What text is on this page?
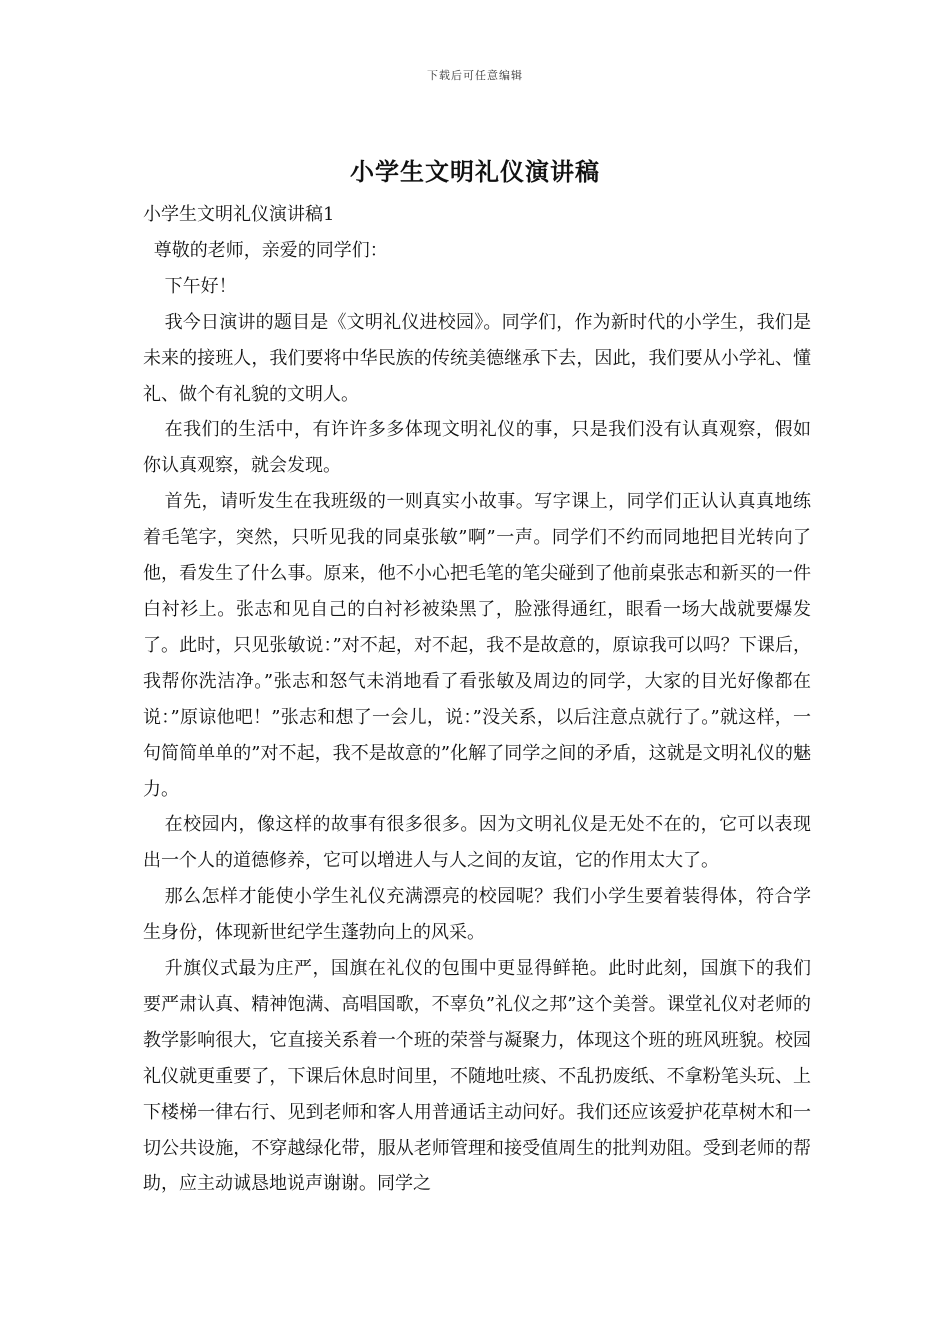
下载后可任意编辑
小学生文明礼仪演讲稿

小学生文明礼仪演讲稿1

尊敬的老师，亲爱的同学们：

下午好！

我今日演讲的题目是《文明礼仪进校园》。同学们，作为新时代的小学生，我们是未来的接班人，我们要将中华民族的传统美德继承下去，因此，我们要从小学礼、懂礼、做个有礼貌的文明人。

在我们的生活中，有许许多多体现文明礼仪的事，只是我们没有认真观察，假如你认真观察，就会发现。

首先，请听发生在我班级的一则真实小故事。写字课上，同学们正认认真真地练着毛笔字，突然，只听见我的同桌张敏”啊”一声。同学们不约而同地把目光转向了他，看发生了什么事。原来，他不小心把毛笔的笔尖碰到了他前桌张志和新买的一件白衬衫上。张志和见自己的白衬衫被染黑了，脸涨得通红，眼看一场大战就要爆发了。此时，只见张敏说：”对不起，对不起，我不是故意的，原谅我可以吗？下课后，我帮你洗洁净。”张志和怒气未消地看了看张敏及周边的同学，大家的目光好像都在说：”原谅他吧！”张志和想了一会儿，说：”没关系，以后注意点就行了。”就这样，一句简简单单的”对不起，我不是故意的”化解了同学之间的矛盾，这就是文明礼仪的魅力。

在校园内，像这样的故事有很多很多。因为文明礼仪是无处不在的，它可以表现出一个人的道德修养，它可以增进人与人之间的友谊，它的作用太大了。

那么怎样才能使小学生礼仪充满漂亮的校园呢？我们小学生要着装得体，符合学生身份，体现新世纪学生蓬勃向上的风采。

升旗仪式最为庄严，国旗在礼仪的包围中更显得鲜艳。此时此刻，国旗下的我们要严肃认真、精神饱满、高唱国歌，不辜负”礼仪之邦”这个美誉。课堂礼仪对老师的教学影响很大，它直接关系着一个班的荣誉与凝聚力，体现这个班的班风班貌。校园礼仪就更重要了，下课后休息时间里，不随地吐痰、不乱扔废纸、不拿粉笔头玩、上下楼梯一律右行、见到老师和客人用普通话主动问好。我们还应该爱护花草树木和一切公共设施，不穿越绿化带，服从老师管理和接受值周生的批判劝阻。受到老师的帮助，应主动诚恳地说声谢谢。同学之
